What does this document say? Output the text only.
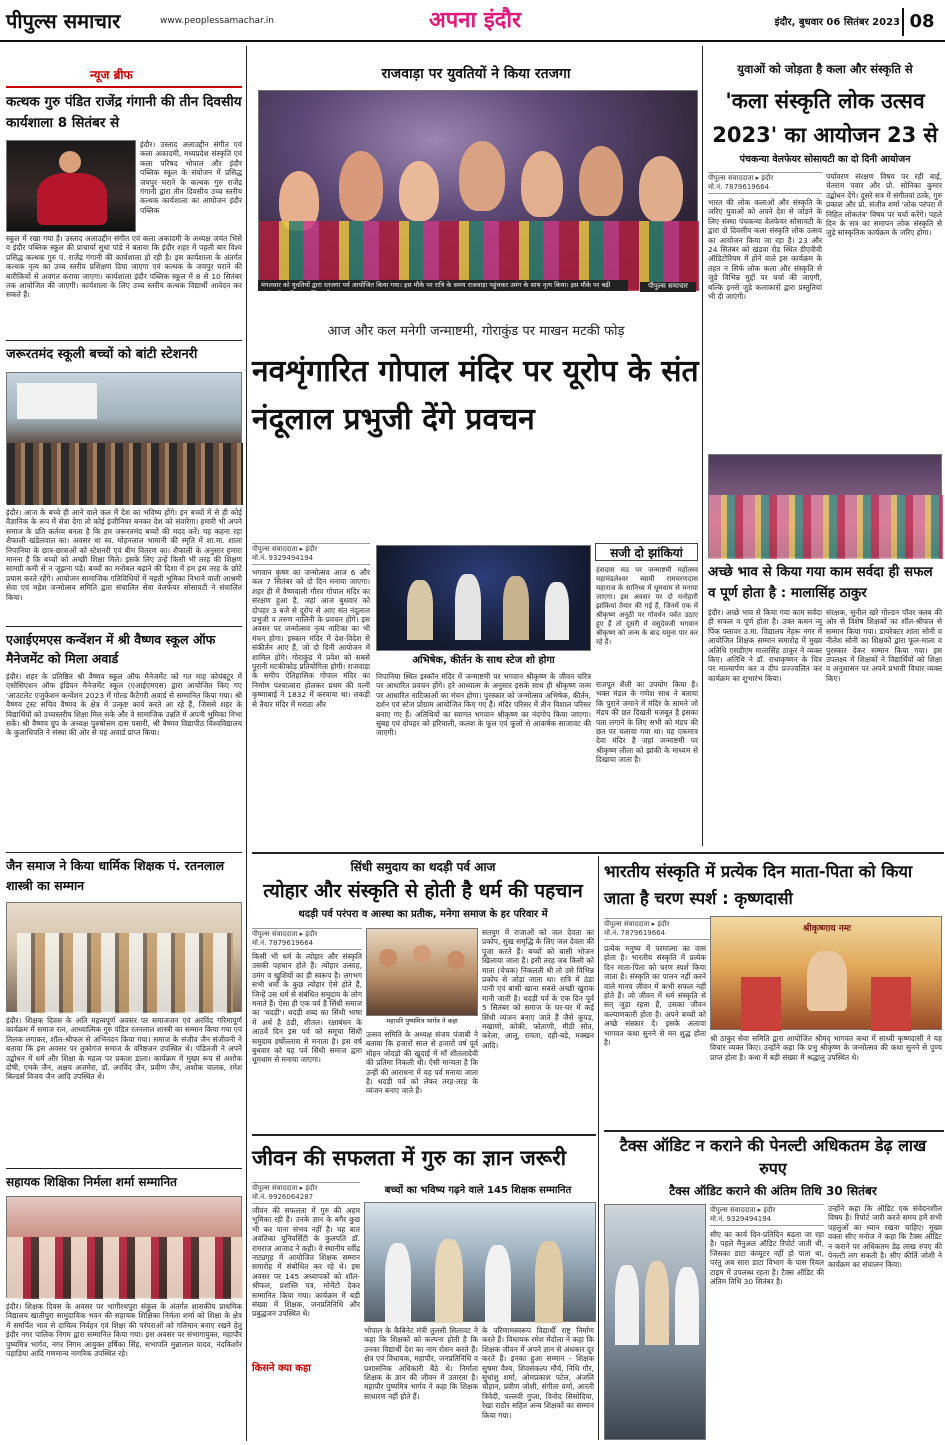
पीपुल्स समाचार	www.peoplessamachar.in	अपना इंदौर	इंदौर, बुधवार 06 सितंबर 2023 08
न्यूज ब्रीफ
कत्थक गुरु पंडित राजेंद्र गंगानी की तीन दिवसीय कार्यशाला 8 सितंबर से
इंदौर। उस्ताद अलाउद्दीन संगीत एवं कला अकादमी, मध्यप्रदेश संस्कृति एवं कला परिषद भोपाल और इंदौर पब्लिक स्कूल के संयोजन में प्रसिद्ध जयपुर घराने के कत्थक गुरु राजेंद्र गंगानी द्वारा तीन दिवसीय उच्च स्तरीय कत्थक कार्यशाला का आयोजन इंदौर पब्लिक
स्कूल में रखा गया है। उस्ताद अलाउद्दीन संगीत एवं कला अकादमी के अध्यक्ष जयंत भिसे व इंदौर पब्लिक स्कूल की प्राचार्या सुधा पांडे ने बताया कि इंदौर शहर में पहली बार विश्व प्रसिद्ध कत्थक गुरु पं. राजेंद्र गंगानी की कार्यशाला हो रही है। इस कार्यशाला के अंतर्गत कत्थक नृत्य का उच्च स्तरीय प्रशिक्षण दिया जाएगा एवं कत्थक के जयपुर घराने की बारीकियों से अवगत कराया जाएगा। कार्यशाला इंदौर पब्लिक स्कूल में 8 से 10 सितंबर तक आयोजित की जाएगी। कार्यशाला के लिए उच्च स्तरीय कत्थक विद्यार्थी आवेदन कर सकते हैं।
जरूरतमंद स्कूली बच्चों को बांटी स्टेशनरी
इंदौर। आज के बच्चे ही आने वाले कल में देश का भविष्य होंगे। इन बच्चों में से ही कोई वैज्ञानिक के रूप में सेवा देगा तो कोई इंजीनियर बनकर देश को संवारेगा। हमारी भी अपने समाज के प्रति कर्तव्य बनता है कि हम जरूरतमंद बच्चों की मदद करें। यह कहना रहा शैफाली खंडेलवाल का। अवसर था स्व. मोहनलाल भामानी की स्मृति में शा.मा. शाला निपानिया के छात्र-छात्राओं को स्टेशनरी एवं बीम वितरण का। शैफाली के अनुसार हमारा मानना है कि बच्चों को अच्छी शिक्षा मिले। इसके लिए उन्हें किसी भी तरह की शिक्षण सामग्री कमी से न जूझना पड़े। बच्चों का मनोबल बढ़ाने की दिशा में हम इस तरह के छोटे प्रयास करते रहेंगे। आयोजन सामाजिक गतिविधियों में महती भूमिका निभाने वाली आश्रमी सेवा एवं महेश जन्मोत्सव समिति द्वारा संचालित सेवा वेलफेयर सोसायटी ने संचालित किया।
एआईएमएस कन्वेंशन में श्री वैष्णव स्कूल ऑफ मैनेजमेंट को मिला अवार्ड
इंदौर। शहर के प्रतिष्ठित श्री वैष्णव स्कूल ऑफ मैनेजमेंट को गत माह कोयंबटूर में एसोसिएशन ऑफ इंडियन मैनेजमेंट स्कूल (एआईएमएस) द्वारा आयोजित किए गए 'आउटलेट एजुकेशन कन्वेंशन 2023 में गोल्ड कैटेगरी अवार्ड से सम्मानित किया गया। श्री वैष्णव ट्रस्ट सचिव वैष्णव के क्षेत्र में उत्कृष्ट कार्य करते आ रहे हैं, जिससे शहर के विद्यार्थियों को उच्चस्तरीय शिक्षा मिल सके और वे सामाजिक उन्नति में अपनी भूमिका निभा सकें। श्री वैष्णव ग्रुप के अध्यक्ष पुरुषोत्तम दास पसारी, श्री वैष्णव विद्यापीठ विश्वविद्यालय के कुलाधिपति ने संस्था की ओर से यह अवार्ड प्राप्त किया।
जैन समाज ने किया धार्मिक शिक्षक पं. रतनलाल शास्त्री का सम्मान
इंदौर। शिक्षक दिवस के अति महत्वपूर्ण अवसर पर समाजजन एवं अरविंद गरिमापूर्ण कार्यक्रम में समाज रत्न, आध्यात्मिक गुरु पंडित रतनलाल शास्त्री का सम्मान किया गया एवं तिलक लगाकर, शॉल-श्रीफल से अभिनंदन किया गया। समाज के संजीव जैन संजीवनी ने बताया कि इस अवसर पर तुकोगंज समाज के वरिष्ठजन उपस्थित थे। पंडितजी ने अपने उद्बोधन में धर्म और शिक्षा के महत्व पर प्रकाश डाला। कार्यक्रम में मुख्य रूप से अशोक दोषी, एमके जैन, अक्षय अजमेरा, डॉ. अरविंद जैन, प्रवीण जैन, अशोक चालक, रमेश बिल्डर्स विजय जैन आदि उपस्थित थे।
सहायक शिक्षिका निर्मला शर्मा सम्मानित
इंदौर। शिक्षक दिवस के अवसर पर भागीरथपुरा संकुल के अंतर्गत शासकीय प्राथमिक विद्यालय खातीपुरा सामुदायिक भवन की सहायक शिक्षिका निर्मला शर्मा को शिक्षा के क्षेत्र में समर्पित भाव से दायित्व निर्वहन एवं शिक्षा की परंपराओं को गतिमान बनाए रखने हेतु इंदौर नगर पालिक निगम द्वारा सम्मानित किया गया। इस अवसर पर संभागायुक्त, महापौर पुष्यमित्र भार्गव, नगर निगम आयुक्त हर्षिका सिंह, सभापति मुन्नालाल यादव, नंदकिशोर पहाड़िया आदि गणमान्य नागरिक उपस्थित रहे।
राजवाड़ा पर युवतियों ने किया रतजगा
मंगलवार को युवतियों द्वारा रतजगा पर्व आयोजित किया गया। इस मौके पर रात्रि के समय राजवाड़ा पहुंचकर उमंग के साथ नृत्य किया। इस मौके पर बड़ी संख्या में युवतियां उपस्थित थीं।
पीपुल्स समाचार
आज और कल मनेगी जन्माष्टमी, गोराकुंड पर माखन मटकी फोड़
नवशृंगारित गोपाल मंदिर पर यूरोप के संत नंदूलाल प्रभुजी देंगे प्रवचन
सजी दो झांकियां
पीपुल्स संवाददाता ▸ इंदौर
मो.नं. 9329494194
भगवान कृष्ण का जन्मोत्सव आज 6 और कल 7 सितंबर को दो दिन मनाया जाएगा। शहर ही में वैष्णवाली गौरव गोपाल मंदिर का संरक्षण हुआ है, जहां आज बुधवार को दोपहर 3 बजे से दूरोप से आए संत नंदूलाल प्रभुजी व तरुण नालिनी के प्रवचन होंगे। इस अवसर पर जन्मोत्सव नृत्य नाटिका का भी मंचन होगा। इस्कान मंदिर में देश-विदेश से संकीर्तन आए हैं, जो दो दिनी आयोजन में शामिल होंगे। गोराकुंड में प्रवेश को सबसे पुरानी मटकीफोड़ प्रतियोगिता होगी। राजवाड़ा के समीप ऐतिहासिक गोपाल मंदिर का निर्माण पश्चात्वारा होलकर प्रथम की पत्नी कृष्णाबाई ने 1832 में करवाया था। लकड़ी से तैयार मंदिर में मराठा और
अभिषेक, कीर्तन के साथ स्टेज शो होगा
निपानिया स्थित इस्कॉन मंदिर में जन्माष्टमी पर भगवान श्रीकृष्ण के जीवन चरित्र पर आधारित प्रवचन होंगे। हरे आध्यात्म के अनुसार इसके साथ ही श्रीकृष्ण जन्म पर आधारित नाटिकाओं का मंचन होगा। पुरस्कार को जन्मोत्सव अभिषेक, कीर्तन, दर्शन एवं स्टेज प्रोग्राम आयोजित किए गए हैं। मंदिर परिसर में तीन विशाल परिसर बनाए गए हैं। अतिथियों का स्वागत भगवान श्रीकृष्ण का नंदगोप किया जाएगा। सुबह एवं दोपहर को हरियाली, कलश के फूल एवं फूलों से आकर्षक साजावट की जाएगी।
हंसदास मठ पर जन्माष्टमी महोत्सव महामंडलेश्वर स्वामी रामचरणदास महाराज के सानिध्य में धूमधाम से मनाया जाएगा। इस अवसर पर दो मनोहारी झांकियां तैयार की गई हैं, जिनमें एक में श्रीकृष्ण अनूठी पर गोवर्धन पर्वत उठाए हुए हैं तो दूसरी में वसुदेवजी भगवान श्रीकृष्ण को जन्म के बाद यमुना पार कर रहे हैं।
राजपूत शैली का उपयोग किया है। भक्त मंडल के गणेश साध ने बताया कि पुराने जमाने में मंदिर के सामने जो मंडप की छत दिखती मजबूत है इसका पता लगाने के लिए सभी को मंडप की छत पर चलाया गया था। यह एकमात्र देवा मंदिर है जहां जन्माष्टमी पर श्रीकृष्ण लीला को झांकी के माध्यम से दिखाया जाता है।
सिंधी समुदाय का थदड़ी पर्व आज
त्योहार और संस्कृति से होती है धर्म की पहचान
थदड़ी पर्व परंपरा व आस्था का प्रतीक, मनेगा समाज के हर परिवार में
पीपुल्स संवाददाता ▸ इंदौर
मो.नं. 7879619664
किसी भी धर्म के त्योहार और संस्कृति उसकी पहचान होते हैं। त्योहार उत्साह, उमंग व खुशियों का ही स्वरूप है। लगभग सभी धर्मों के कुछ त्योहार ऐसे होते हैं, जिन्हें उस धर्म से संबंधित समुदाय के लोग मनाते हैं। ऐसा ही एक पर्व है सिंधी समाज का 'थदड़ी'। थदड़ी शब्द का सिंधी भाषा में अर्थ है ठंडी, शीतल। रक्षाबंधन के आठवें दिन इस पर्व को समूचा सिंधी समुदाय हर्षोल्लास से मनाता है। इस वर्ष बुधवार को यह पर्व सिंधी समाज द्वारा धूमधाम से मनाया जाएगा।
महापरि पुष्यमित्र भार्गव ने कहा
उत्सव समिति के अध्यक्ष संजय पंजाबी ने बताया कि हजारों साल से हजारों वर्ष पूर्व मोहन जोदड़ो की खुदाई में माँ शीतलादेवी की प्रतिमा निकली थी। ऐसी मान्यता है कि उन्हीं की आराधना में यह पर्व मनाया जाता है। थदड़ी पर्व को लेकर तरह-तरह के व्यंजन बनाए जाते हैं।
सतयुग में राजाओं को जल देवता का प्रकोप, सुख समृद्धि के लिए जल देवता की पूजा करते हैं। बच्चों को बासी भोजन खिलाया जाता है। इसी तरह जब किसी को माता (चेचक) निकलती थी तो उसे विभिन्न प्रकोप से जोड़ा जाता था। रात्रि में ठंडा पानी एवं बासी खाना सबसे अच्छी खुराक मानी जाती है। थदड़ी पर्व के एक दिन पूर्व 5 सितंबर को समाज के घर-घर में कई सिंधी व्यंजन बनाए जाते हैं जैसे कूपड़, मखाणो, कोकी, फोताणी, मीठी सोत, करेला, आलू, रायता, दही-बड़े, मक्खन आदि।
जीवन की सफलता में गुरु का ज्ञान जरूरी
पीपुल्स संवाददाता ▸ इंदौर
मो.नं. 9926064287
बच्चों का भविष्य गढ़ने वाले 145 शिक्षक सम्मानित
जीवन की सफलता में गुरु की अहम भूमिका रही है। उनके ज्ञान के बगैर कुछ भी कर पाना संभव नहीं है। यह बात अवंतिका यूनिवर्सिटी के कुलपति डॉ. रामराज आजाद ने कही। वे स्थानीय रवींद्र नाट्यगृह में आयोजित शिक्षक सम्मान समारोह में संबोधित कर रहे थे। इस अवसर पर 145 अध्यापकों को शॉल-श्रीफल, प्रशस्ति पत्र, मोमेंटो देकर सम्मानित किया गया। कार्यक्रम में बड़ी संख्या में शिक्षक, जनप्रतिनिधि और प्रबुद्धजन उपस्थित थे।
किसने क्या कहा
भोपाल के कैबिनेट मंत्री तुलसी सिलावट ने कहा कि शिक्षकों को कल्पना होती है कि उनका विद्यार्थी देश का नाम रोशन करते हैं। क्षेत्र एवं विधायक, महापौर, जनप्रतिनिधि व प्रशासनिक अधिकारी बैठे थे। निर्माता शिक्षक के ज्ञान की जीवन में उतारता है। महापौर पुष्यमित्र भार्गव ने कहा कि शिक्षक साधारण नहीं होते हैं।
के परिणामस्वरूप विद्यार्थी राष्ट्र निर्माण करते हैं। विधायक रमेश मेंदोला ने कहा कि शिक्षक जीवन में अपने ज्ञान से अंधकार दूर करते हैं। इनका हुआ सम्मान - शिक्षक सुषमा वैश्य, शिवसंकल्प मौर्य, निधि गौर, सुधांशु शर्मा, ओमप्रकाश पटेल, अंजलि चौहान, प्रवीण जोशी, संगीता वर्मा, आरती त्रिवेदी, पल्लवी गुप्ता, विनोद सिसोदिया, रेखा राठौर सहित अन्य शिक्षकों का सम्मान किया गया।
युवाओं को जोड़ता है कला और संस्कृति से
'कला संस्कृति लोक उत्सव 2023' का आयोजन 23 से
पंचकन्या वेलफेयर सोसायटी का दो दिनी आयोजन
पीपुल्स संवाददाता ▸ इंदौर
मो.नं. 7879619664
भारत की लोक कलाओं और संस्कृति के जरिए युवाओं को अपने देश से जोड़ने के लिए संस्था पंचकन्या वेलफेयर सोसायटी के द्वारा दो दिवसीय कला संस्कृति लोक उत्सव का आयोजन किया जा रहा है। 23 और 24 सितंबर को खंडवा रोड स्थित डीएवीवी ऑडिटोरियम में होने वाले इस कार्यक्रम के तहत न सिर्फ लोक कला और संस्कृति से जुड़े विभिन्न मुद्दों पर चर्चा की जाएगी, बल्कि इनसे जुड़े कलाकारों द्वारा प्रस्तुतियां भी दी जाएंगी।
पर्यावरण संरक्षण विषय पर रही बाई, चेतराम पवार और प्रो. सोनिका कुमार उद्बोधन देंगे। दूसरे सत्र में संगीतवां ठाके, गुरु प्रकाश और प्रो. संजीव शर्मा 'लोक परंपरा में निहित लोकतंत्र' विषय पर चर्चा करेंगे। पहले दिन के सत्र का समापन लोक संस्कृति से जुड़े सांस्कृतिक कार्यक्रम के जरिए होगा।
अच्छे भाव से किया गया काम सर्वदा ही सफल व पूर्ण होता है : मालासिंह ठाकुर
इंदौर। अच्छे भाव से किया गया काम सर्वदा ही सफल व पूर्ण होता है। उक्त कथन न्यू पिंक फ्लावर उ.मा. विद्यालय नेहरू नगर में आयोजित शिक्षक सम्मान समारोह में मुख्य अतिथि एसडीएम मालासिंह ठाकुर ने व्यक्त किए। अतिथि ने डॉ. राधाकृष्णन के चित्र पर माल्यार्पण कर व दीप प्रज्ज्वलित कर कार्यक्रम का शुभारंभ किया।
संरक्षक, सुनील खरे गोल्डन पॉवर क्लब की ओर से विशेष शिक्षकों का शॉल-श्रीफल से सम्मान किया गया। डायरेक्टर शांता सोनी व नीलेश सोनी का शिक्षकों द्वारा फूल-माला व पुरस्कार देकर सम्मान किया गया। इस उपलक्ष्य में शिक्षकों ने विद्यार्थियों को शिक्षा व अनुशासन पर अपने प्रभावी विचार व्यक्त किए।
भारतीय संस्कृति में प्रत्येक दिन माता-पिता को किया जाता है चरण स्पर्श : कृष्णदासी
पीपुल्स संवाददाता ▸ इंदौर
मो.नं. 7879619664
प्रत्येक मनुष्य में परमात्मा का वास होता है। भारतीय संस्कृति में प्रत्येक दिन माता-पिता को चरण स्पर्श किया जाता है। संस्कृति का पालन नहीं करने वाले मानव जीवन में कभी सफल नहीं होते हैं। जो जीवन में धर्म संस्कृति से सत् जुड़ा रहता है, उसका जीवन कल्याणकारी होता है। अपने बच्चों को अच्छे संस्कार दें। इसके अलावा भागवत कथा सुनने से मन शुद्ध होता है।
श्रीकृष्णाय नमः
श्री ठाकुर सेवा समिति द्वारा आयोजित श्रीमद् भागवत कथा में साध्वी कृष्णदासी ने यह विचार व्यक्त किए। उन्होंने कहा कि प्रभु श्रीकृष्ण के जन्मोत्सव की कथा सुनने से पुण्य प्राप्त होता है। कथा में बड़ी संख्या में श्रद्धालु उपस्थित थे।
टैक्स ऑडिट न कराने की पेनल्टी अधिकतम डेढ़ लाख रुपए
टैक्स ऑडिट कराने की अंतिम तिथि 30 सितंबर
पीपुल्स संवाददाता ▸ इंदौर
मो.नं. 9329494194
सीए का कार्य दिन-प्रतिदिन बढ़ता जा रहा है। पहले मैनुअल ऑडिट रिपोर्ट जाती थी, जिसका डाटा कंप्यूटर नहीं हो पाता था, परंतु अब सारा डाटा विभाग के पास रियल टाइम में उपलब्ध रहता है। टैक्स ऑडिट की अंतिम तिथि 30 सितंबर है।
उन्होंने कहा कि ऑडिट एक संवेदनशील विषय है। रिपोर्ट जारी करते समय हमें सभी पहलुओं का ध्यान रखना चाहिए। मुख्य वक्ता सीए मनोज ने कहा कि टैक्स ऑडिट न कराने पर अधिकतम डेढ़ लाख रुपए की पेनल्टी लग सकती है। सीए कीर्ति जोशी ने कार्यक्रम का संचालन किया।
